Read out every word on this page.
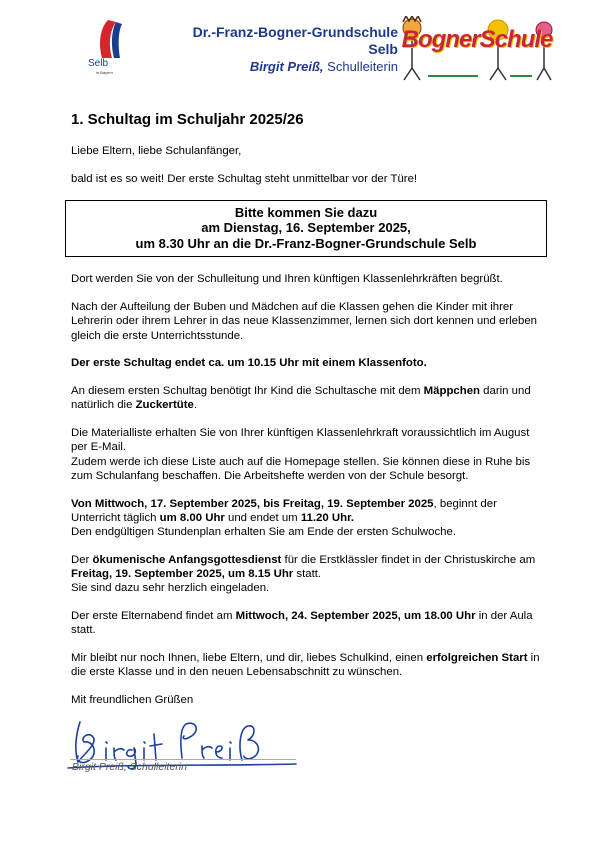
Selb
in Bayern
Dr.-Franz-Bogner-Grundschule
Selb
Birgit Preiß, Schulleiterin
BognerSchule
1. Schultag im Schuljahr 2025/26

Liebe Eltern, liebe Schulanfänger,

bald ist es so weit! Der erste Schultag steht unmittelbar vor der Türe!

Bitte kommen Sie dazu
am Dienstag, 16. September 2025,
um 8.30 Uhr an die Dr.-Franz-Bogner-Grundschule Selb

Dort werden Sie von der Schulleitung und Ihren künftigen Klassenlehrkräften begrüßt.

Nach der Aufteilung der Buben und Mädchen auf die Klassen gehen die Kinder mit ihrer Lehrerin oder ihrem Lehrer in das neue Klassenzimmer, lernen sich dort kennen und erleben gleich die erste Unterrichtsstunde.

Der erste Schultag endet ca. um 10.15 Uhr mit einem Klassenfoto.

An diesem ersten Schultag benötigt Ihr Kind die Schultasche mit dem Mäppchen darin und natürlich die Zuckertüte.

Die Materialliste erhalten Sie von Ihrer künftigen Klassenlehrkraft voraussichtlich im August per E-Mail.
Zudem werde ich diese Liste auch auf die Homepage stellen. Sie können diese in Ruhe bis zum Schulanfang beschaffen. Die Arbeitshefte werden von der Schule besorgt.

Von Mittwoch, 17. September 2025, bis Freitag, 19. September 2025, beginnt der Unterricht täglich um 8.00 Uhr und endet um 11.20 Uhr.
Den endgültigen Stundenplan erhalten Sie am Ende der ersten Schulwoche.

Der ökumenische Anfangsgottesdienst für die Erstklässler findet in der Christuskirche am Freitag, 19. September 2025, um 8.15 Uhr statt.
Sie sind dazu sehr herzlich eingeladen.

Der erste Elternabend findet am Mittwoch, 24. September 2025, um 18.00 Uhr in der Aula statt.

Mir bleibt nur noch Ihnen, liebe Eltern, und dir, liebes Schulkind, einen erfolgreichen Start in die erste Klasse und in den neuen Lebensabschnitt zu wünschen.

Mit freundlichen Grüßen

Birgit Preiß, Schulleiterin
